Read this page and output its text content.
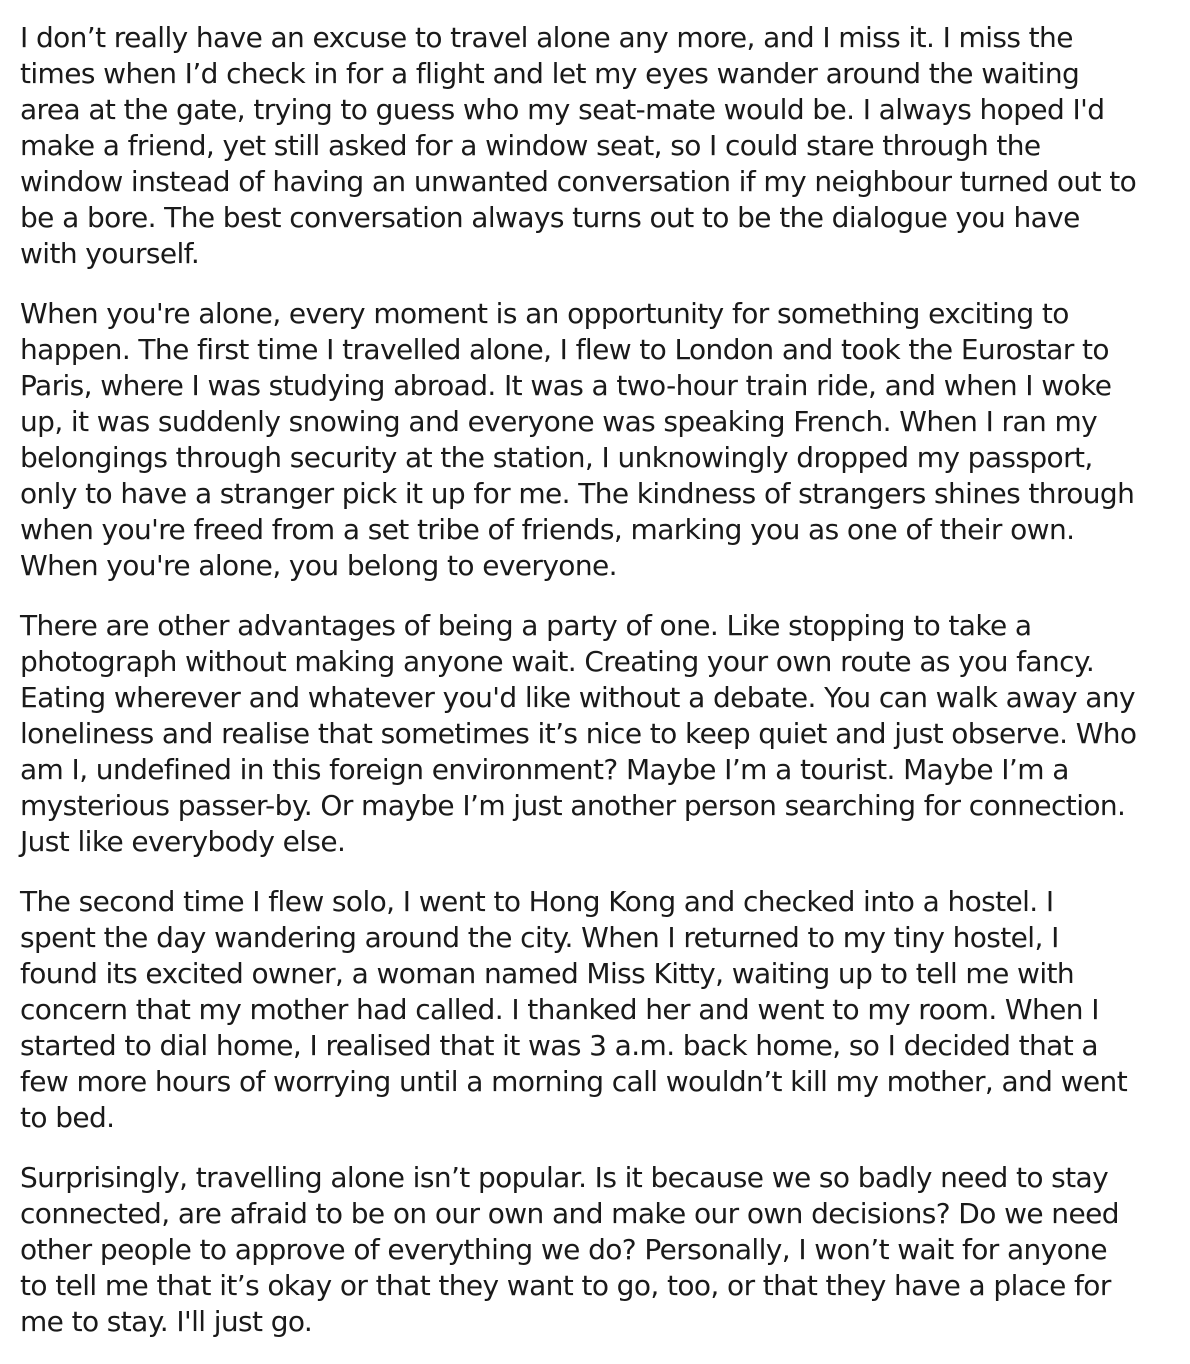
I don’t really have an excuse to travel alone any more, and I miss it. I miss the
times when I’d check in for a flight and let my eyes wander around the waiting
area at the gate, trying to guess who my seat-mate would be. I always hoped I'd
make a friend, yet still asked for a window seat, so I could stare through the
window instead of having an unwanted conversation if my neighbour turned out to
be a bore. The best conversation always turns out to be the dialogue you have
with yourself.

When you're alone, every moment is an opportunity for something exciting to
happen. The first time I travelled alone, I flew to London and took the Eurostar to
Paris, where I was studying abroad. It was a two-hour train ride, and when I woke
up, it was suddenly snowing and everyone was speaking French. When I ran my
belongings through security at the station, I unknowingly dropped my passport,
only to have a stranger pick it up for me. The kindness of strangers shines through
when you're freed from a set tribe of friends, marking you as one of their own.
When you're alone, you belong to everyone.

There are other advantages of being a party of one. Like stopping to take a
photograph without making anyone wait. Creating your own route as you fancy.
Eating wherever and whatever you'd like without a debate. You can walk away any
loneliness and realise that sometimes it’s nice to keep quiet and just observe. Who
am I, undefined in this foreign environment? Maybe I’m a tourist. Maybe I’m a
mysterious passer-by. Or maybe I’m just another person searching for connection.
Just like everybody else.

The second time I flew solo, I went to Hong Kong and checked into a hostel. I
spent the day wandering around the city. When I returned to my tiny hostel, I
found its excited owner, a woman named Miss Kitty, waiting up to tell me with
concern that my mother had called. I thanked her and went to my room. When I
started to dial home, I realised that it was 3 a.m. back home, so I decided that a
few more hours of worrying until a morning call wouldn’t kill my mother, and went
to bed.

Surprisingly, travelling alone isn’t popular. Is it because we so badly need to stay
connected, are afraid to be on our own and make our own decisions? Do we need
other people to approve of everything we do? Personally, I won’t wait for anyone
to tell me that it’s okay or that they want to go, too, or that they have a place for
me to stay. I'll just go.
